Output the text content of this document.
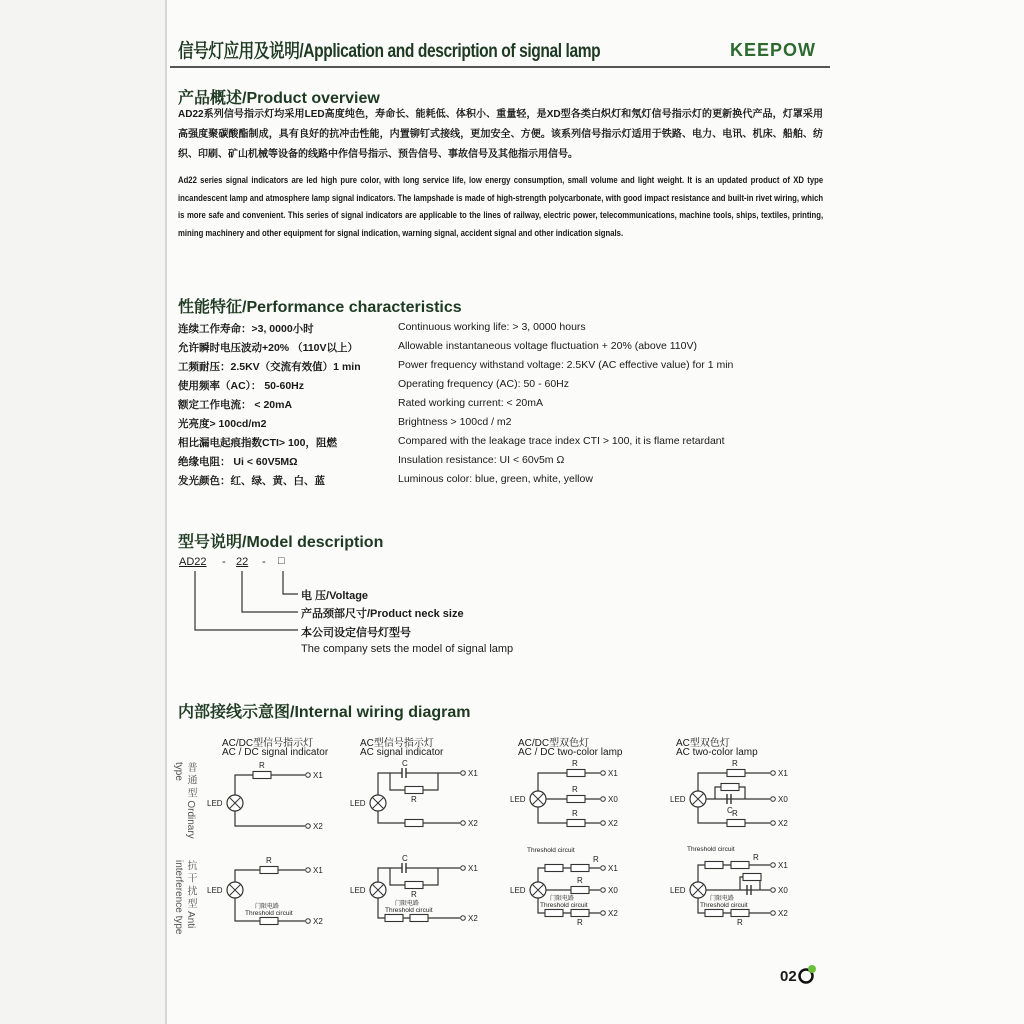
信号灯应用及说明/Application and description of signal lamp	KEEPOW
产品概述/Product overview
AD22系列信号指示灯均采用LED高度纯色，寿命长、能耗低、体积小、重量轻，是XD型各类白炽灯和氖灯信号指示灯的更新换代产品，灯罩采用高强度聚碳酸酯制成，具有良好的抗冲击性能，内置铆钉式接线，更加安全、方便。该系列信号指示灯适用于铁路、电力、电讯、机床、船舶、纺织、印刷、矿山机械等设备的线路中作信号指示、预告信号、事故信号及其他指示用信号。
Ad22 series signal indicators are led high pure color, with long service life, low energy consumption, small volume and light weight. It is an updated product of XD type incandescent lamp and atmosphere lamp signal indicators. The lampshade is made of high-strength polycarbonate, with good impact resistance and built-in rivet wiring, which is more safe and convenient. This series of signal indicators are applicable to the lines of railway, electric power, telecommunications, machine tools, ships, textiles, printing, mining machinery and other equipment for signal indication, warning signal, accident signal and other indication signals.
性能特征/Performance characteristics
连续工作寿命：>3, 0000小时	Continuous working life: > 3, 0000 hours
允许瞬时电压波动+20% （110V以上）	Allowable instantaneous voltage fluctuation + 20% (above 110V)
工频耐压：2.5KV（交流有效值）1 min	Power frequency withstand voltage: 2.5KV (AC effective value) for 1 min
使用频率（AC）： 50-60Hz	Operating frequency (AC): 50 - 60Hz
额定工作电流： < 20mA	Rated working current: < 20mA
光亮度> 100cd/m2	Brightness > 100cd / m2
相比漏电起痕指数CTI> 100，阻燃	Compared with the leakage trace index CTI > 100, it is flame retardant
绝缘电阻： Ui < 60V5MΩ	Insulation resistance: UI < 60v5m Ω
发光颜色：红、绿、黄、白、蓝	Luminous color: blue, green, white, yellow
型号说明/Model description
AD22 - 22 - □
电 压/Voltage
产品颈部尺寸/Product neck size
本公司设定信号灯型号
The company sets the model of signal lamp
内部接线示意图/Internal wiring diagram
普 通 型 Ordinary type
抗 干 扰 型 Anti interference type
AC/DC型信号指示灯
AC / DC signal indicator
AC型信号指示灯
AC signal indicator
AC/DC型双色灯
AC / DC two-color lamp
AC型双色灯
AC two-color lamp
R
X1
LED
X2
C
R
X1
LED
X2
R
X1
R
X0
LED
R
X2
R
X1
C
X0
LED
R
X2
R
X1
LED
门限电路
Threshold circuit
X2
C
R
X1
LED
门限电路
Threshold circuit
X2
R
Threshold circuit
X1
R
X0
LED
R
门限电路
Threshold circuit
X2
R
Threshold circuit
X1
X0
LED
R
门限电路
Threshold circuit
X2
02
